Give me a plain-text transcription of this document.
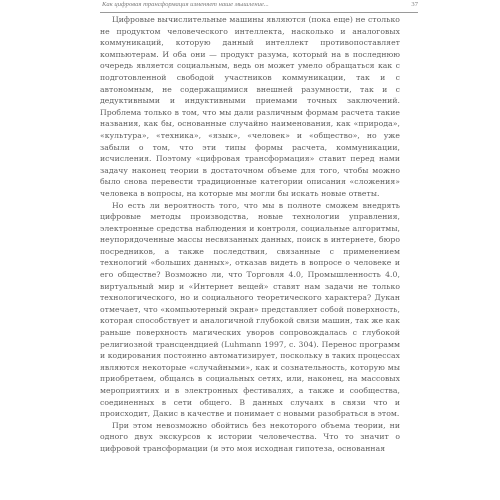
Как цифровая трансформация изменяет наше мышление...	37

Цифровые вычислительные машины являются (пока еще) не столько не продуктом человеческого интеллекта, насколько и аналоговых коммуникаций, которую данный интеллект противопоставляет компьютерам. И оба они — продукт разума, который на в последнюю очередь является социальным, ведь он может умело обращаться как с подготовленной свободой участников коммуникации, так и с автономным, не содержащимися внешней разумности, так и с дедуктивными и индуктивными приемами точных заключений. Проблема только в том, что мы дали различным формам расчета такие названия, как бы, основанные случайно наименования, как «природа», «культура», «техника», «язык», «человек» и «общество», но уже забыли о том, что эти типы формы расчета, коммуникации, исчисления. Поэтому «цифровая трансформация» ставит перед нами задачу наконец теории в достаточном объеме для того, чтобы можно было снова перевести традиционные категории описания «сложения» человека в вопросы, на которые мы могли бы искать новые ответы.

Но есть ли вероятность того, что мы в полноте сможем внедрять цифровые методы производства, новые технологии управления, электронные средства наблюдения и контроля, социальные алгоритмы, неупорядоченные массы несвязанных данных, поиск в интернете, бюро посредников, а также последствия, связанные с применением технологий «больших данных», отказав видеть в вопросе о человеке и его обществе? Возможно ли, что Торговля 4.0, Промышленность 4.0, виртуальный мир и «Интернет вещей» ставят нам задачи не только технологического, но и социального теоретического характера? Дукан отмечает, что «компьютерный экран» представляет собой поверхность, которая способствует и аналогичной глубокой связи машин, так же как раньше поверхность магических уворов сопровождалась с глубокой религиозной трансцендцией (Luhmann 1997, с. 304). Перенос программ и кодирования постоянно автоматизирует, поскольку в таких процессах являются некоторые «случайными», как и сознательность, которую мы приобретаем, общаясь в социальных сетях, или, наконец, на массовых мероприятиях и в электронных фестивалях, а также и сообщества, соединенных в сети общего. В данных случаях в связи что и происходит, Дакис в качестве и понимает с новыми разобраться в этом.

При этом невозможно обойтись без некоторого объема теории, ни одного двух экскурсов к истории человечества. Что то значит о цифровой трансформации (и это моя исходная гипотеза, основанная
